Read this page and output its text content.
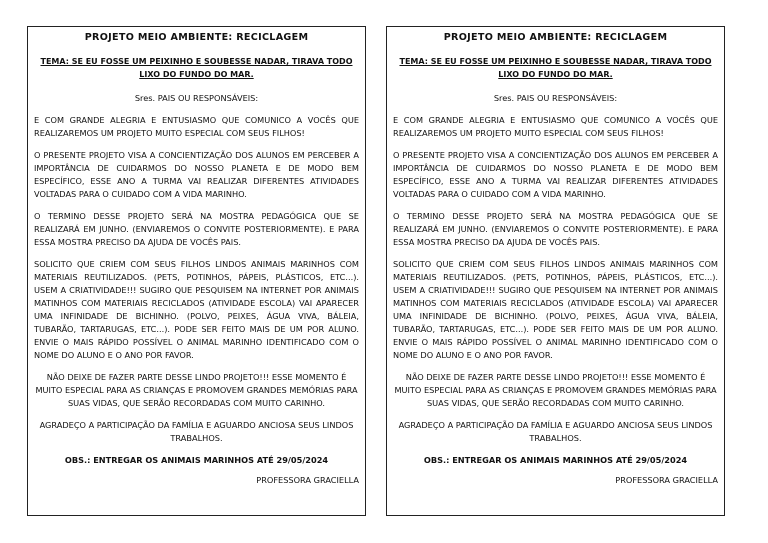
PROJETO MEIO AMBIENTE: RECICLAGEM
TEMA: SE EU FOSSE UM PEIXINHO E SOUBESSE NADAR, TIRAVA TODO LIXO DO FUNDO DO MAR.

Sres. PAIS OU RESPONSÁVEIS:

E COM GRANDE ALEGRIA E ENTUSIASMO QUE COMUNICO A VOCÊS QUE REALIZAREMOS UM PROJETO MUITO ESPECIAL COM SEUS FILHOS!

O PRESENTE PROJETO VISA A CONCIENTIZAÇÃO DOS ALUNOS EM PERCEBER A IMPORTÂNCIA DE CUIDARMOS DO NOSSO PLANETA E DE MODO BEM ESPECÍFICO, ESSE ANO A TURMA VAI REALIZAR DIFERENTES ATIVIDADES VOLTADAS PARA O CUIDADO COM A VIDA MARINHO.

O TERMINO DESSE PROJETO SERÁ NA MOSTRA PEDAGÓGICA QUE SE REALIZARÁ EM JUNHO. (ENVIAREMOS O CONVITE POSTERIORMENTE). E PARA ESSA MOSTRA PRECISO DA AJUDA DE VOCÊS PAIS.

SOLICITO QUE CRIEM COM SEUS FILHOS LINDOS ANIMAIS MARINHOS COM MATERIAIS REUTILIZADOS. (PETS, POTINHOS, PÁPEIS, PLÁSTICOS, ETC...). USEM A CRIATIVIDADE!!! SUGIRO QUE PESQUISEM NA INTERNET POR ANIMAIS MATINHOS COM MATERIAIS RECICLADOS (ATIVIDADE ESCOLA) VAI APARECER UMA INFINIDADE DE BICHINHO. (POLVO, PEIXES, ÁGUA VIVA, BÁLEIA, TUBARÃO, TARTARUGAS, ETC...). PODE SER FEITO MAIS DE UM POR ALUNO. ENVIE O MAIS RÁPIDO POSSÍVEL O ANIMAL MARINHO IDENTIFICADO COM O NOME DO ALUNO E O ANO POR FAVOR.

NÃO DEIXE DE FAZER PARTE DESSE LINDO PROJETO!!! ESSE MOMENTO É MUITO ESPECIAL PARA AS CRIANÇAS E PROMOVEM GRANDES MEMÓRIAS PARA SUAS VIDAS, QUE SERÃO RECORDADAS COM MUITO CARINHO.

AGRADEÇO A PARTICIPAÇÃO DA FAMÍLIA E AGUARDO ANCIOSA SEUS LINDOS TRABALHOS.

OBS.: ENTREGAR OS ANIMAIS MARINHOS ATÉ 29/05/2024

PROFESSORA GRACIELLA

PROJETO MEIO AMBIENTE: RECICLAGEM
TEMA: SE EU FOSSE UM PEIXINHO E SOUBESSE NADAR, TIRAVA TODO LIXO DO FUNDO DO MAR.

Sres. PAIS OU RESPONSÁVEIS:

E COM GRANDE ALEGRIA E ENTUSIASMO QUE COMUNICO A VOCÊS QUE REALIZAREMOS UM PROJETO MUITO ESPECIAL COM SEUS FILHOS!

O PRESENTE PROJETO VISA A CONCIENTIZAÇÃO DOS ALUNOS EM PERCEBER A IMPORTÂNCIA DE CUIDARMOS DO NOSSO PLANETA E DE MODO BEM ESPECÍFICO, ESSE ANO A TURMA VAI REALIZAR DIFERENTES ATIVIDADES VOLTADAS PARA O CUIDADO COM A VIDA MARINHO.

O TERMINO DESSE PROJETO SERÁ NA MOSTRA PEDAGÓGICA QUE SE REALIZARÁ EM JUNHO. (ENVIAREMOS O CONVITE POSTERIORMENTE). E PARA ESSA MOSTRA PRECISO DA AJUDA DE VOCÊS PAIS.

SOLICITO QUE CRIEM COM SEUS FILHOS LINDOS ANIMAIS MARINHOS COM MATERIAIS REUTILIZADOS. (PETS, POTINHOS, PÁPEIS, PLÁSTICOS, ETC...). USEM A CRIATIVIDADE!!! SUGIRO QUE PESQUISEM NA INTERNET POR ANIMAIS MATINHOS COM MATERIAIS RECICLADOS (ATIVIDADE ESCOLA) VAI APARECER UMA INFINIDADE DE BICHINHO. (POLVO, PEIXES, ÁGUA VIVA, BÁLEIA, TUBARÃO, TARTARUGAS, ETC...). PODE SER FEITO MAIS DE UM POR ALUNO. ENVIE O MAIS RÁPIDO POSSÍVEL O ANIMAL MARINHO IDENTIFICADO COM O NOME DO ALUNO E O ANO POR FAVOR.

NÃO DEIXE DE FAZER PARTE DESSE LINDO PROJETO!!! ESSE MOMENTO É MUITO ESPECIAL PARA AS CRIANÇAS E PROMOVEM GRANDES MEMÓRIAS PARA SUAS VIDAS, QUE SERÃO RECORDADAS COM MUITO CARINHO.

AGRADEÇO A PARTICIPAÇÃO DA FAMÍLIA E AGUARDO ANCIOSA SEUS LINDOS TRABALHOS.

OBS.: ENTREGAR OS ANIMAIS MARINHOS ATÉ 29/05/2024

PROFESSORA GRACIELLA
